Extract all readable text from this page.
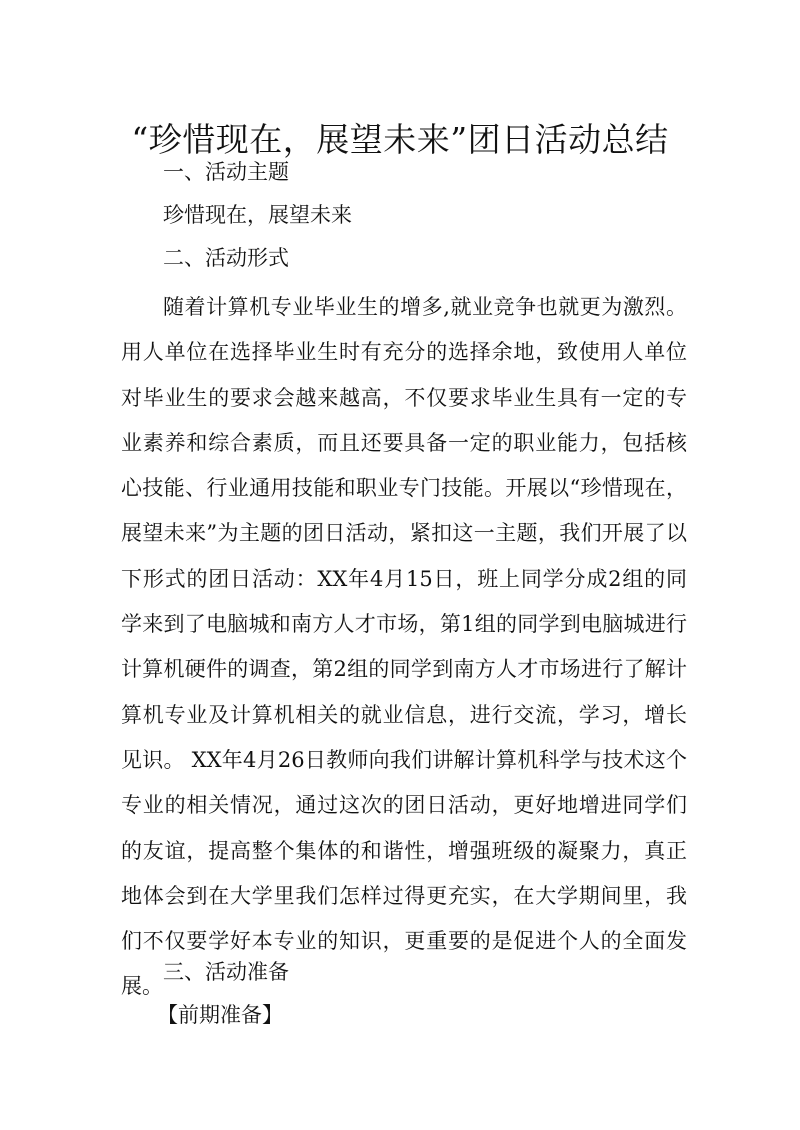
“珍惜现在，展望未来”团日活动总结
一、活动主题
珍惜现在，展望未来
二、活动形式

随着计算机专业毕业生的增多,就业竞争也就更为激烈。用人单位在选择毕业生时有充分的选择余地，致使用人单位对毕业生的要求会越来越高，不仅要求毕业生具有一定的专业素养和综合素质，而且还要具备一定的职业能力，包括核心技能、行业通用技能和职业专门技能。开展以“珍惜现在，展望未来”为主题的团日活动，紧扣这一主题，我们开展了以下形式的团日活动：XX年4月15日，班上同学分成2组的同学来到了电脑城和南方人才市场，第1组的同学到电脑城进行计算机硬件的调查，第2组的同学到南方人才市场进行了解计算机专业及计算机相关的就业信息，进行交流，学习，增长见识。 XX年4月26日教师向我们讲解计算机科学与技术这个专业的相关情况，通过这次的团日活动，更好地增进同学们的友谊，提高整个集体的和谐性，增强班级的凝聚力，真正地体会到在大学里我们怎样过得更充实，在大学期间里，我们不仅要学好本专业的知识，更重要的是促进个人的全面发展。

三、活动准备
【前期准备】
